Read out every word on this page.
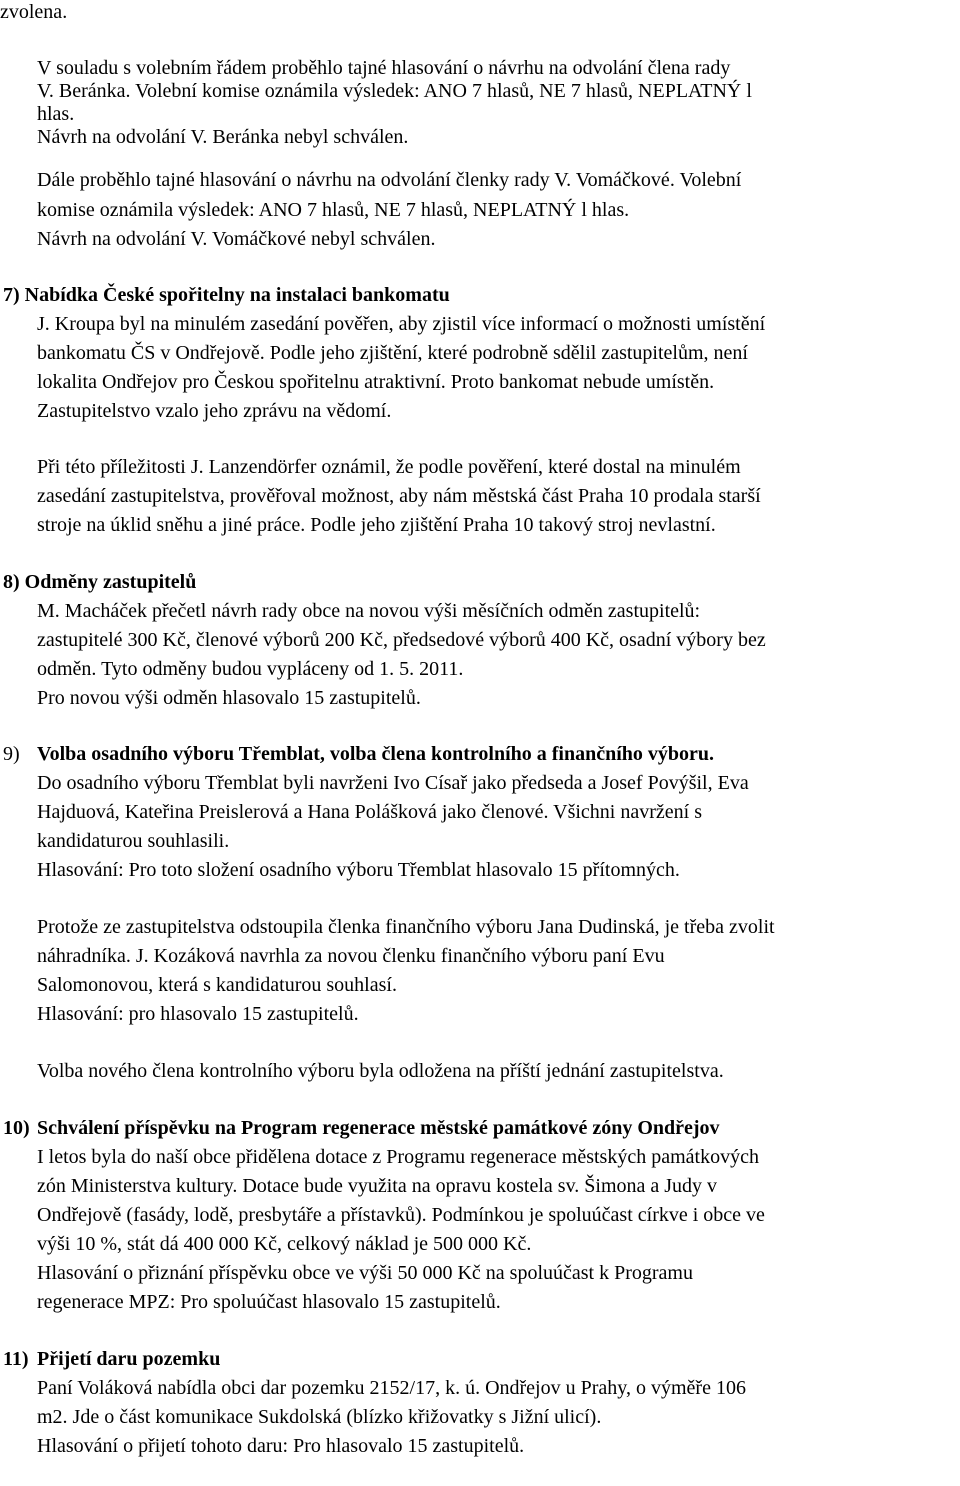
zvolena.
V souladu s volebním řádem proběhlo tajné hlasování o návrhu na odvolání člena rady
V. Beránka. Volební komise oznámila výsledek: ANO 7 hlasů, NE 7 hlasů, NEPLATNÝ l
hlas.
Návrh na odvolání V. Beránka nebyl schválen.
Dále proběhlo tajné hlasování o návrhu na odvolání členky rady V. Vomáčkové. Volební
komise oznámila výsledek: ANO 7 hlasů, NE 7 hlasů, NEPLATNÝ l hlas.
Návrh na odvolání V. Vomáčkové nebyl schválen.
7) Nabídka České spořitelny na instalaci bankomatu
J. Kroupa byl na minulém zasedání pověřen, aby zjistil více informací o možnosti umístění
bankomatu ČS v Ondřejově. Podle jeho zjištění, které podrobně sdělil zastupitelům, není
lokalita Ondřejov pro Českou spořitelnu atraktivní. Proto bankomat nebude umístěn.
Zastupitelstvo vzalo jeho zprávu na vědomí.
Při této příležitosti J. Lanzendörfer oznámil, že podle pověření, které dostal na minulém
zasedání zastupitelstva, prověřoval možnost, aby nám městská část Praha 10 prodala starší
stroje na úklid sněhu a jiné práce. Podle jeho zjištění Praha 10 takový stroj nevlastní.
8) Odměny zastupitelů
M. Macháček přečetl návrh rady obce na novou výši měsíčních odměn zastupitelů:
zastupitelé 300 Kč, členové výborů 200 Kč, předsedové výborů 400 Kč, osadní výbory bez
odměn. Tyto odměny budou vypláceny od 1. 5. 2011.
Pro novou výši odměn hlasovalo 15 zastupitelů.
9) Volba osadního výboru Třemblat, volba člena kontrolního a finančního výboru.
Do osadního výboru Třemblat byli navrženi Ivo Císař jako předseda a Josef Povýšil, Eva
Hajduová, Kateřina Preislerová a Hana Polášková jako členové. Všichni navržení s
kandidaturou souhlasili.
Hlasování: Pro toto složení osadního výboru Třemblat hlasovalo 15 přítomných.
Protože ze zastupitelstva odstoupila členka finančního výboru Jana Dudinská, je třeba zvolit
náhradníka. J. Kozáková navrhla za novou členku finančního výboru paní Evu
Salomonovou, která s kandidaturou souhlasí.
Hlasování: pro hlasovalo 15 zastupitelů.
Volba nového člena kontrolního výboru byla odložena na příští jednání zastupitelstva.
10) Schválení příspěvku na Program regenerace městské památkové zóny Ondřejov
I letos byla do naší obce přidělena dotace z Programu regenerace městských památkových
zón Ministerstva kultury. Dotace bude využita na opravu kostela sv. Šimona a Judy v
Ondřejově (fasády, lodě, presbytáře a přístavků). Podmínkou je spoluúčast církve i obce ve
výši 10 %, stát dá 400 000 Kč, celkový náklad je 500 000 Kč.
Hlasování o přiznání příspěvku obce ve výši 50 000 Kč na spoluúčast k Programu
regenerace MPZ: Pro spoluúčast hlasovalo 15 zastupitelů.
11) Přijetí daru pozemku
Paní Voláková nabídla obci dar pozemku 2152/17, k. ú. Ondřejov u Prahy, o výměře 106
m2. Jde o část komunikace Sukdolská (blízko křižovatky s Jižní ulicí).
Hlasování o přijetí tohoto daru: Pro hlasovalo 15 zastupitelů.
